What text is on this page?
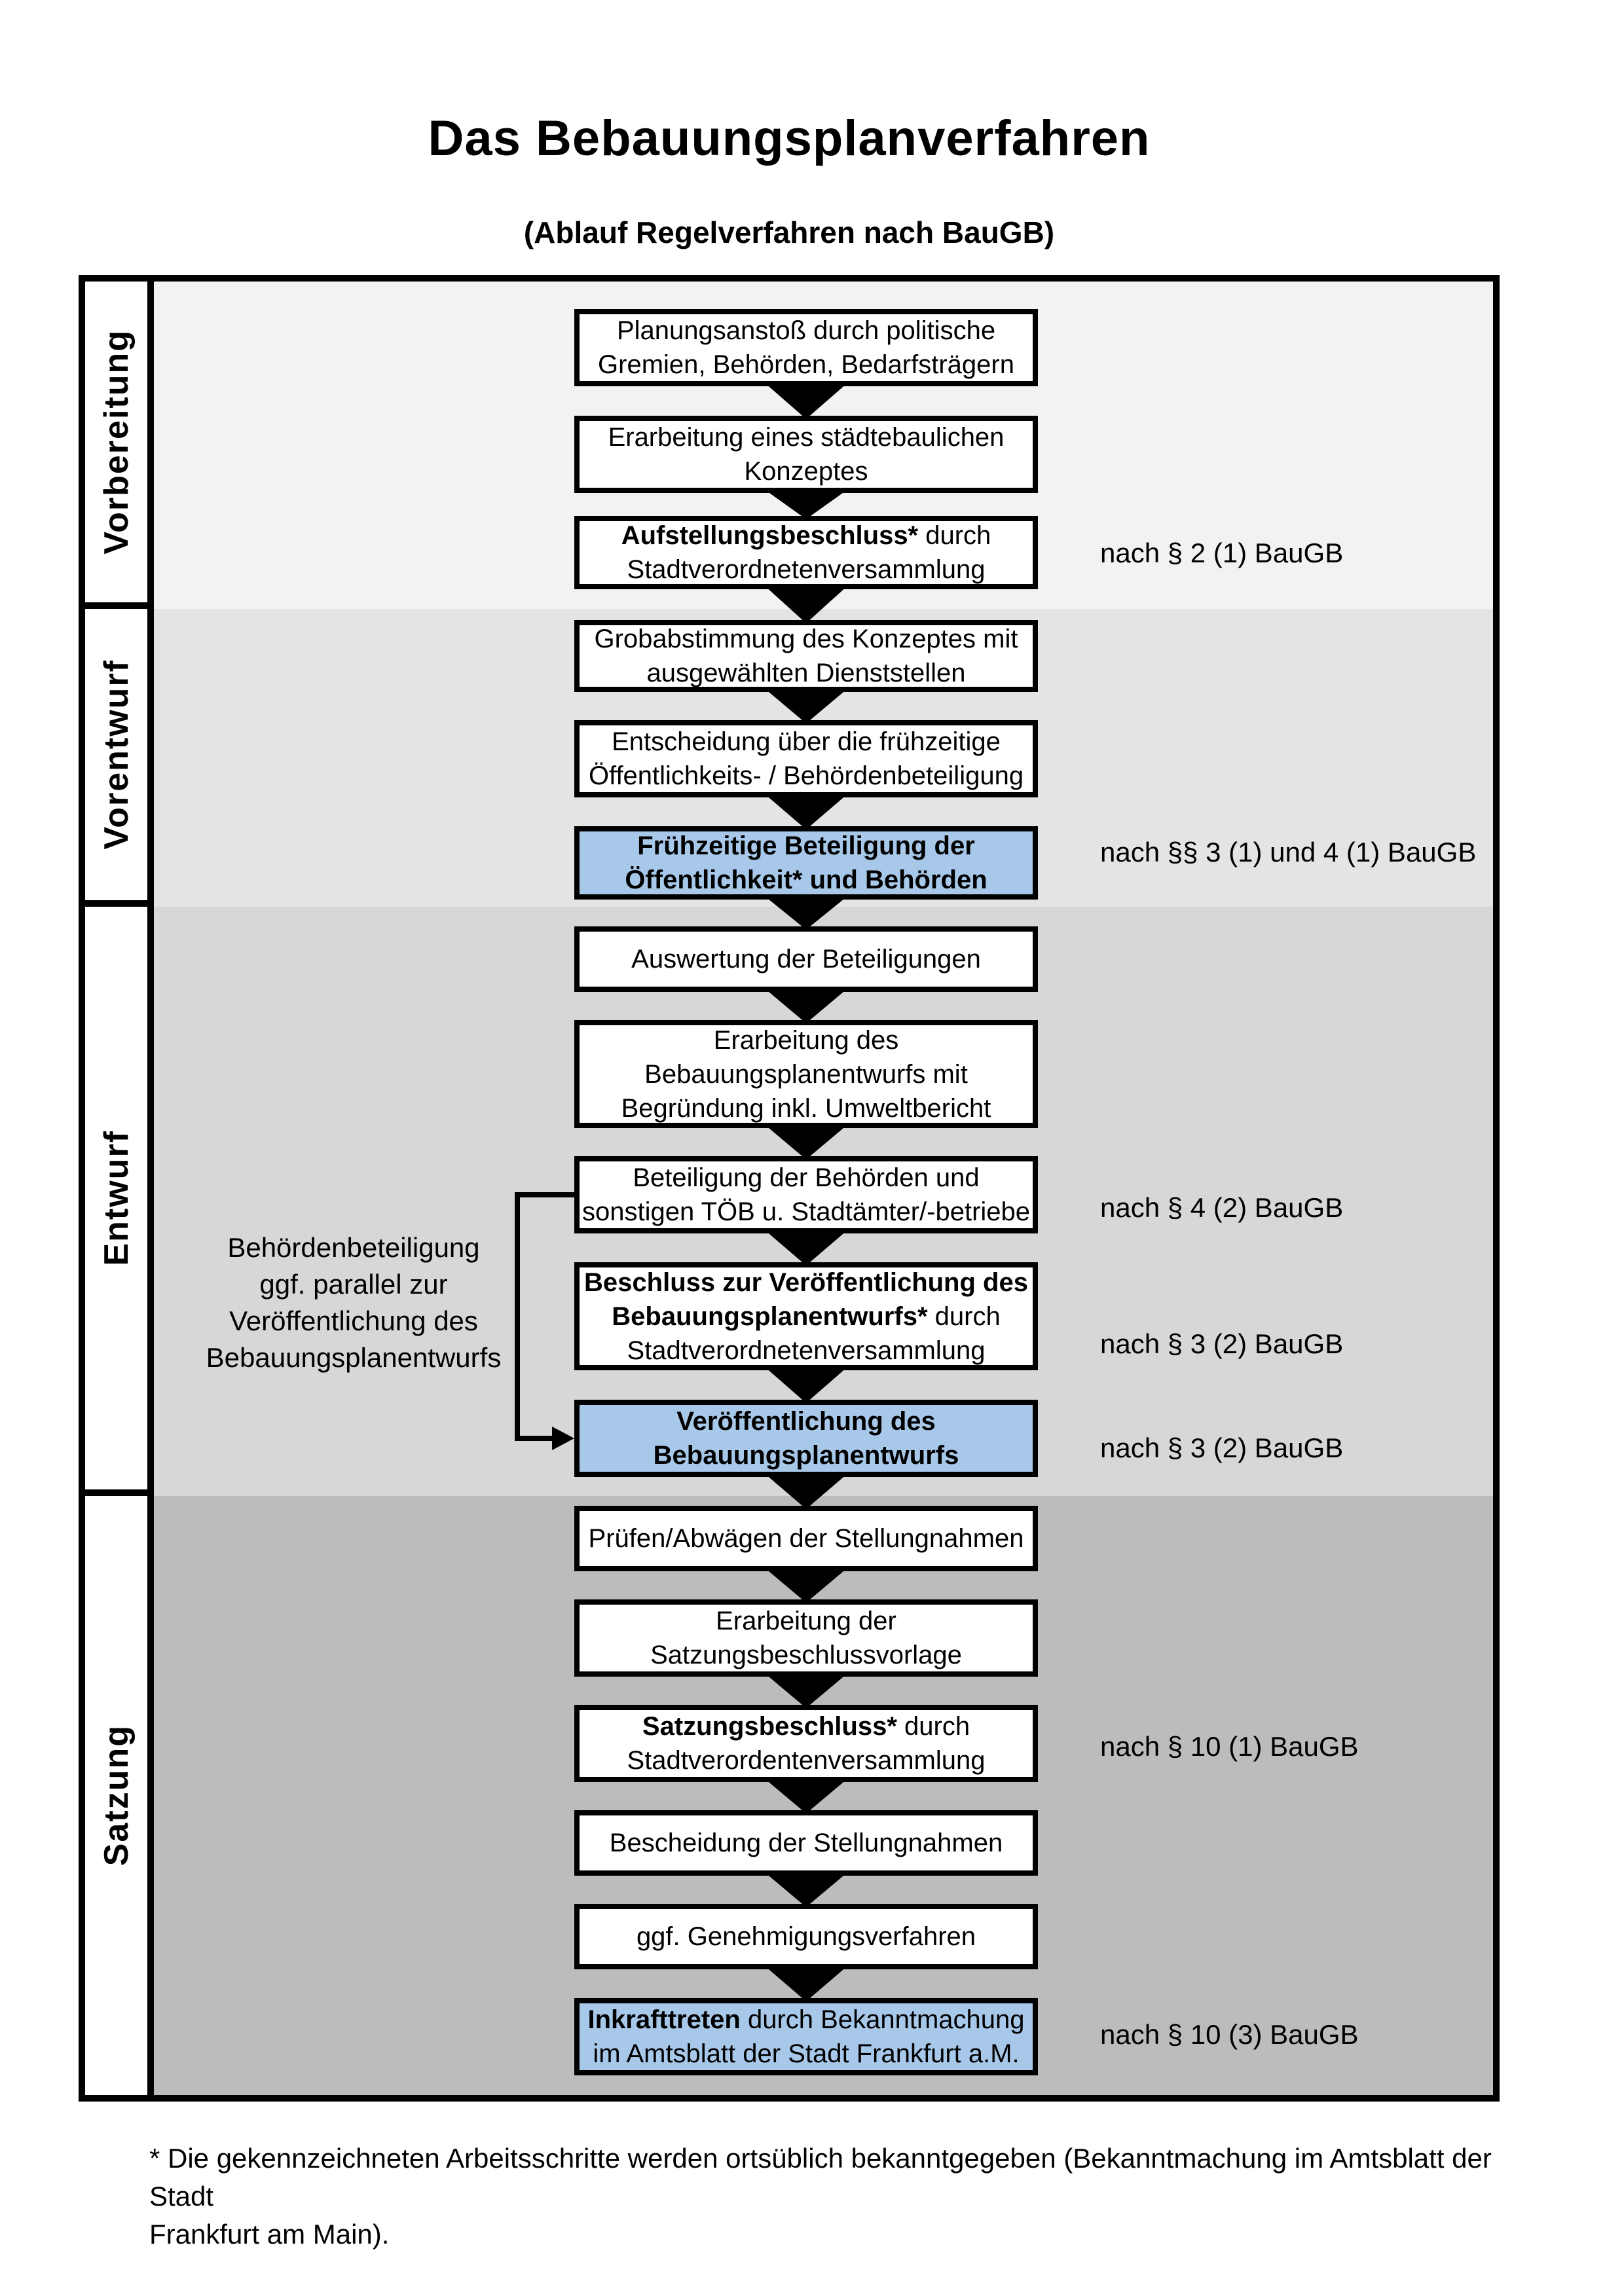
Das Bebauungsplanverfahren
(Ablauf Regelverfahren nach BauGB)
Vorbereitung
Vorentwurf
Entwurf
Satzung
Planungsanstoß durch politische
Gremien, Behörden, Bedarfsträgern
Erarbeitung eines städtebaulichen
Konzeptes
Aufstellungsbeschluss* durch
Stadtverordnetenversammlung
Grobabstimmung des Konzeptes mit
ausgewählten Dienststellen
Entscheidung über die frühzeitige
Öffentlichkeits- / Behördenbeteiligung
Frühzeitige Beteiligung der
Öffentlichkeit* und Behörden
Auswertung der Beteiligungen
Erarbeitung des
Bebauungsplanentwurfs mit
Begründung inkl. Umweltbericht
Beteiligung der Behörden und
sonstigen TÖB u. Stadtämter/-betriebe
Beschluss zur Veröffentlichung des
Bebauungsplanentwurfs* durch
Stadtverordnetenversammlung
Veröffentlichung des
Bebauungsplanentwurfs
Prüfen/Abwägen der Stellungnahmen
Erarbeitung der
Satzungsbeschlussvorlage
Satzungsbeschluss* durch
Stadtverordentenversammlung
Bescheidung der Stellungnahmen
ggf. Genehmigungsverfahren
Inkrafttreten durch Bekanntmachung
im Amtsblatt der Stadt Frankfurt a.M.
nach § 2 (1) BauGB
nach §§ 3 (1) und 4 (1) BauGB
nach § 4 (2) BauGB
nach § 3 (2) BauGB
nach § 3 (2) BauGB
nach § 10 (1) BauGB
nach § 10 (3) BauGB
Behördenbeteiligung
ggf. parallel zur
Veröffentlichung des
Bebauungsplanentwurfs
* Die gekennzeichneten Arbeitsschritte werden ortsüblich bekanntgegeben (Bekanntmachung im Amtsblatt der Stadt
Frankfurt am Main).
